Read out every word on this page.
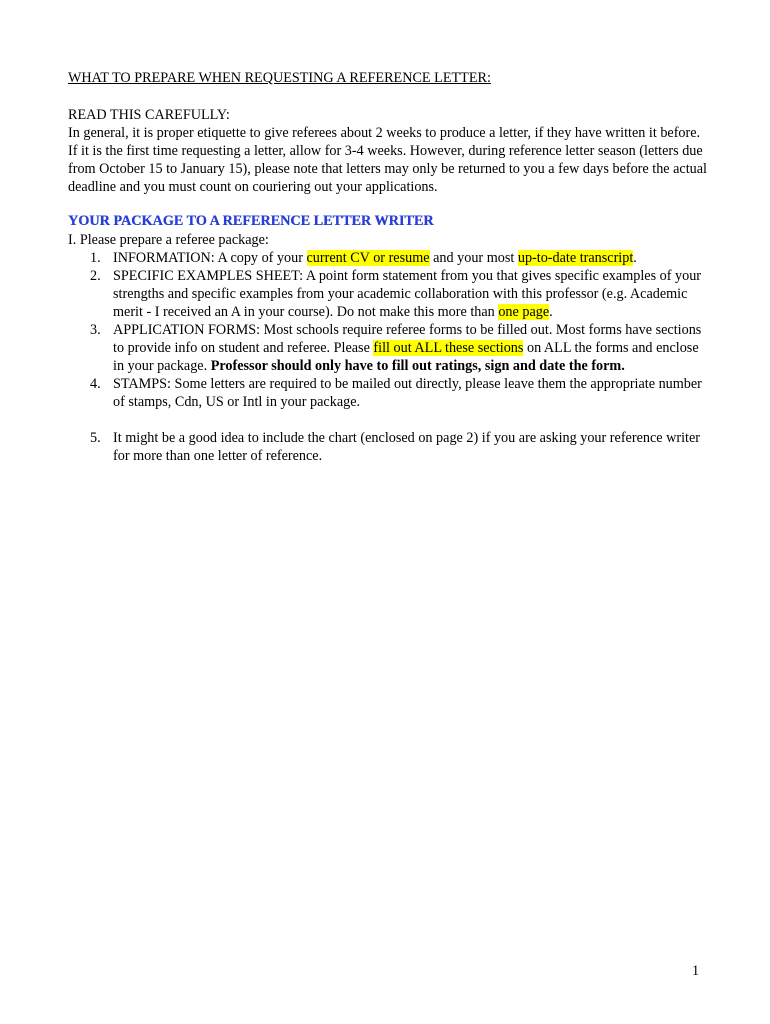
WHAT TO PREPARE WHEN REQUESTING A REFERENCE LETTER:
READ THIS CAREFULLY:
In general, it is proper etiquette to give referees about 2 weeks to produce a letter, if they have written it before. If it is the first time requesting a letter, allow for 3-4 weeks. However, during reference letter season (letters due from October 15 to January 15), please note that letters may only be returned to you a few days before the actual deadline and you must count on couriering out your applications.
YOUR PACKAGE TO A REFERENCE LETTER WRITER
I. Please prepare a referee package:
1. INFORMATION: A copy of your current CV or resume and your most up-to-date transcript.
2. SPECIFIC EXAMPLES SHEET: A point form statement from you that gives specific examples of your strengths and specific examples from your academic collaboration with this professor (e.g. Academic merit - I received an A in your course). Do not make this more than one page.
3. APPLICATION FORMS: Most schools require referee forms to be filled out. Most forms have sections to provide info on student and referee. Please fill out ALL these sections on ALL the forms and enclose in your package. Professor should only have to fill out ratings, sign and date the form.
4. STAMPS: Some letters are required to be mailed out directly, please leave them the appropriate number of stamps, Cdn, US or Intl in your package.
5. It might be a good idea to include the chart (enclosed on page 2) if you are asking your reference writer for more than one letter of reference.
1
